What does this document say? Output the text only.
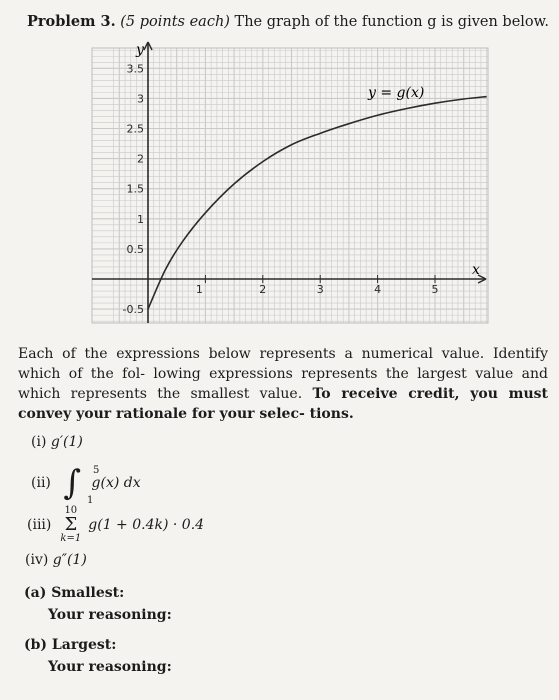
Problem 3. (5 points each) The graph of the function g is given below.
3.5
3
2.5
2
1.5
1
0.5
-0.5
1	2	3	4	5
x
y
y = g(x)
Each of the expressions below represents a numerical value. Identify which of the fol- lowing expressions represents the largest value and which represents the smallest value. To receive credit, you must convey your rationale for your selec- tions.
(i) g′(1)
(ii) ∫ 5
1
g(x) dx
(iii)
10
Σ
k=1
g(1 + 0.4k) · 0.4
(iv) g″(1)
(a) Smallest:
Your reasoning:
(b) Largest:
Your reasoning:
